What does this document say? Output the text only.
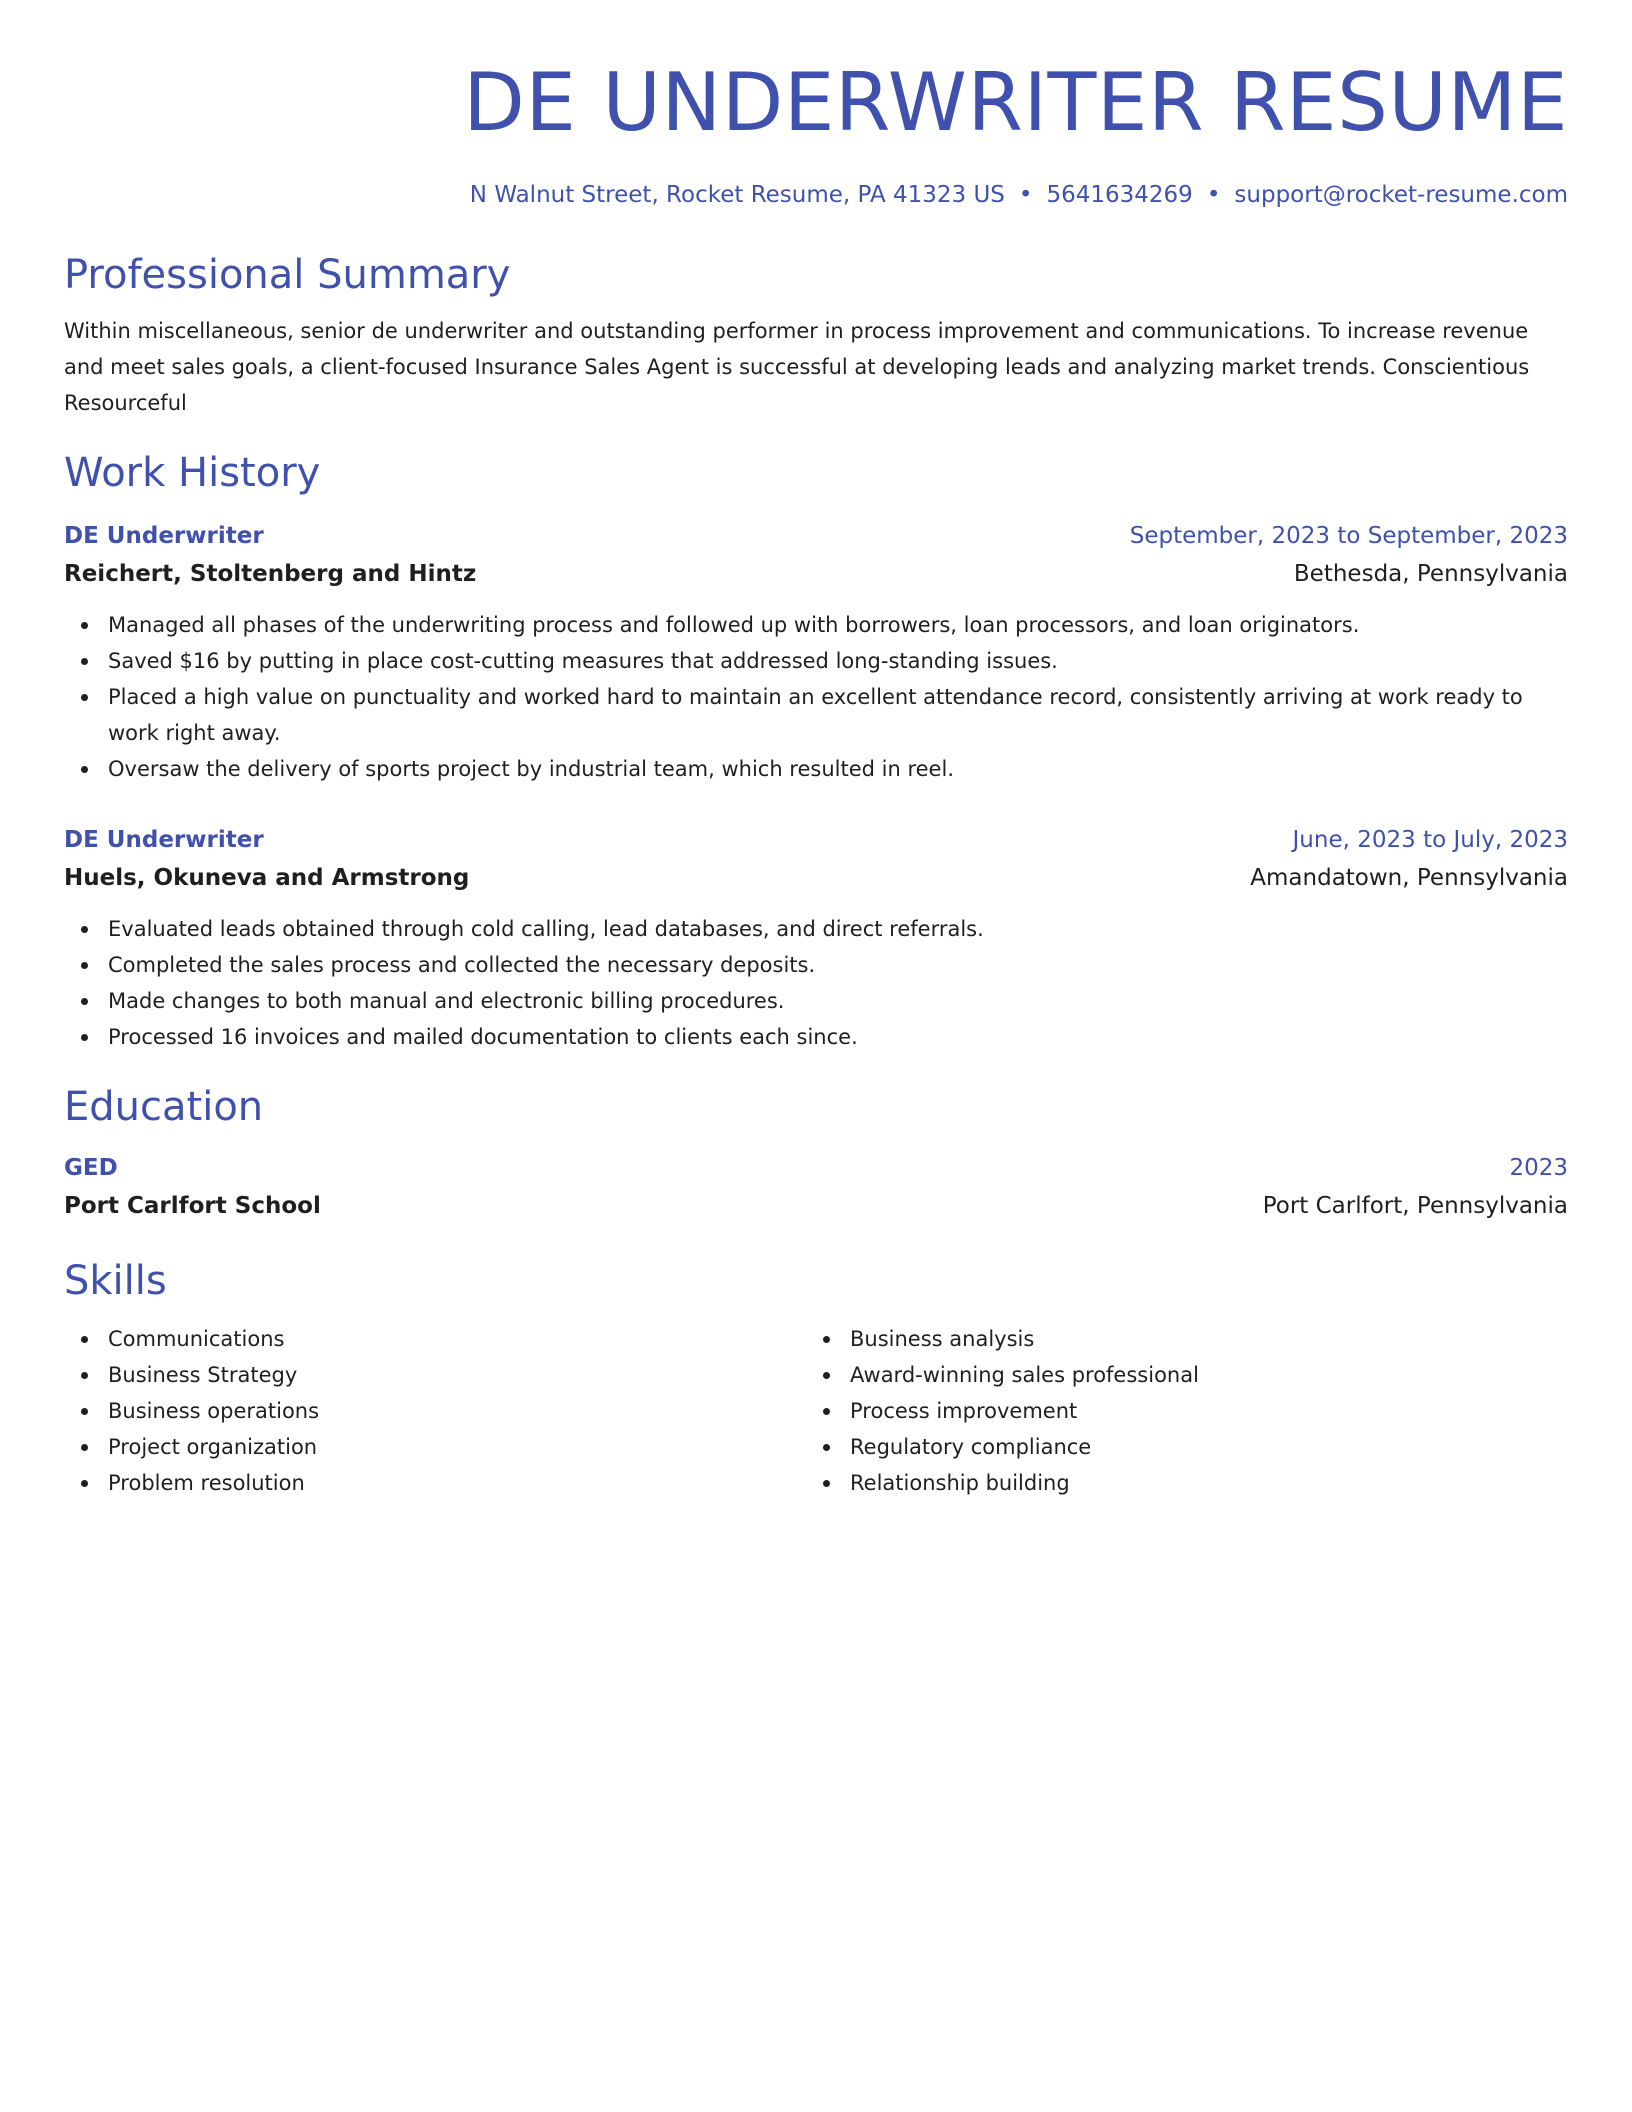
DE UNDERWRITER RESUME
N Walnut Street, Rocket Resume, PA 41323 US • 5641634269 • support@rocket-resume.com
Professional Summary
Within miscellaneous, senior de underwriter and outstanding performer in process improvement and communications. To increase revenue and meet sales goals, a client-focused Insurance Sales Agent is successful at developing leads and analyzing market trends. Conscientious Resourceful
Work History
DE Underwriter	September, 2023 to September, 2023
Reichert, Stoltenberg and Hintz	Bethesda, Pennsylvania
Managed all phases of the underwriting process and followed up with borrowers, loan processors, and loan originators.
Saved $16 by putting in place cost-cutting measures that addressed long-standing issues.
Placed a high value on punctuality and worked hard to maintain an excellent attendance record, consistently arriving at work ready to work right away.
Oversaw the delivery of sports project by industrial team, which resulted in reel.
DE Underwriter	June, 2023 to July, 2023
Huels, Okuneva and Armstrong	Amandatown, Pennsylvania
Evaluated leads obtained through cold calling, lead databases, and direct referrals.
Completed the sales process and collected the necessary deposits.
Made changes to both manual and electronic billing procedures.
Processed 16 invoices and mailed documentation to clients each since.
Education
GED	2023
Port Carlfort School	Port Carlfort, Pennsylvania
Skills
Communications
Business Strategy
Business operations
Project organization
Problem resolution
Business analysis
Award-winning sales professional
Process improvement
Regulatory compliance
Relationship building
